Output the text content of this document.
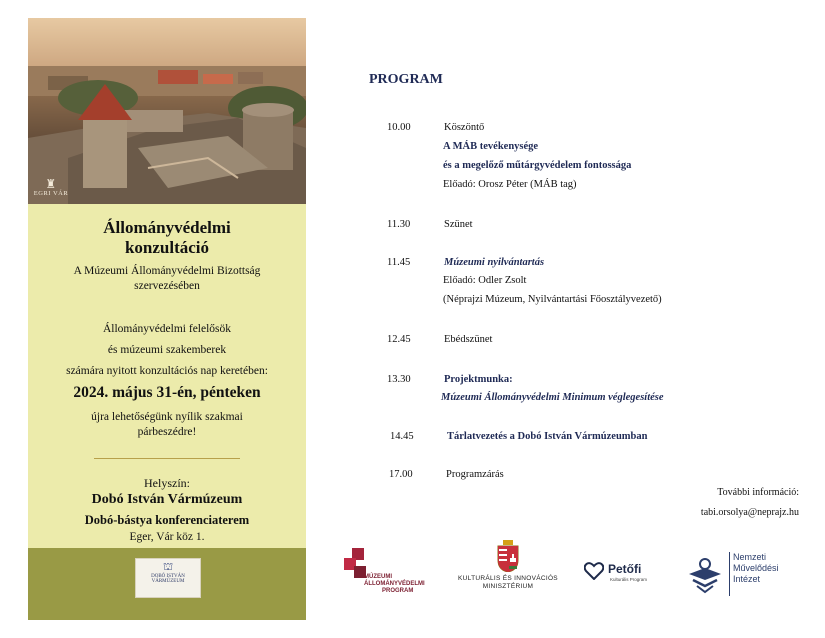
♜
EGRI VÁR
Állományvédelmi
konzultáció
A Múzeumi Állományvédelmi Bizottság
szervezésében
Állományvédelmi felelősök
és múzeumi szakemberek
számára nyitott konzultációs nap keretében:
2024. május 31-én, pénteken
újra lehetőségünk nyílik szakmai
párbeszédre!
Helyszín:
Dobó István Vármúzeum
Dobó-bástya konferenciaterem
Eger, Vár köz 1.
⛫
DOBÓ ISTVÁN
VÁRMÚZEUM
PROGRAM
10.00	Köszöntő
A MÁB tevékenysége
és a megelőző műtárgyvédelem fontossága
Előadó: Orosz Péter (MÁB tag)
11.30	Szünet
11.45	Múzeumi nyilvántartás
Előadó: Odler Zsolt
(Néprajzi Múzeum, Nyilvántartási Főosztályvezető)
12.45	Ebédszünet
13.30	Projektmunka:
Múzeumi Állományvédelmi Minimum véglegesítése
14.45	Tárlatvezetés a Dobó István Vármúzeumban
17.00	Programzárás
További információ:
tabi.orsolya@neprajz.hu
MÚZEUMI
ÁLLOMÁNYVÉDELMI
PROGRAM
KULTURÁLIS ÉS INNOVÁCIÓS
MINISZTÉRIUM
Petőfi
Kulturális Program
Nemzeti
Művelődési
Intézet
